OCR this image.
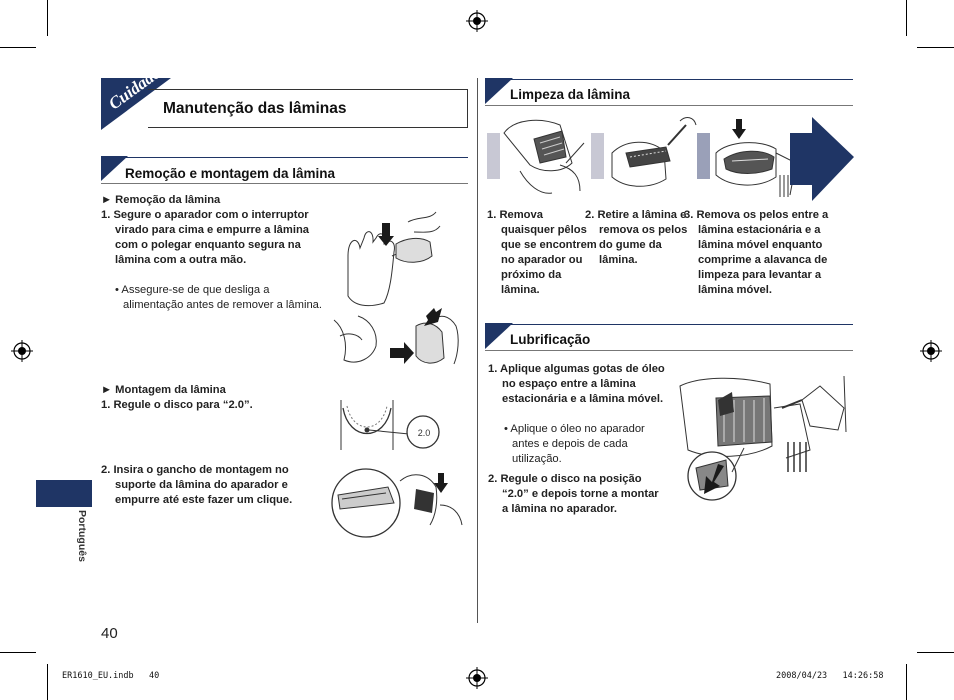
Português
Cuidado
Manutenção das lâminas
Remoção e montagem da lâmina
► Remoção da lâmina
1. Segure o aparador com o interruptor virado para cima e empurre a lâmina com o polegar enquanto segura na lâmina com a outra mão.
• Assegure-se de que desliga a alimentação antes de remover a lâmina.
► Montagem da lâmina
1. Regule o disco para “2.0”.
2. Insira o gancho de montagem no suporte da lâmina do aparador e empurre até este fazer um clique.
2.0
Limpeza da lâmina
1. Remova quaisquer pêlos que se encontrem no aparador ou próximo da lâmina.
2. Retire a lâmina e remova os pelos do gume da lâmina.
3. Remova os pelos entre a lâmina estacionária e a lâmina móvel enquanto comprime a alavanca de limpeza para levantar a lâmina móvel.
Lubrificação
1. Aplique algumas gotas de óleo no espaço entre a lâmina estacionária e a lâmina móvel.
• Aplique o óleo no aparador antes e depois de cada utilização.
2. Regule o disco na posição “2.0” e depois torne a montar a lâmina no aparador.
40
ER1610_EU.indb   40	2008/04/23   14:26:58
